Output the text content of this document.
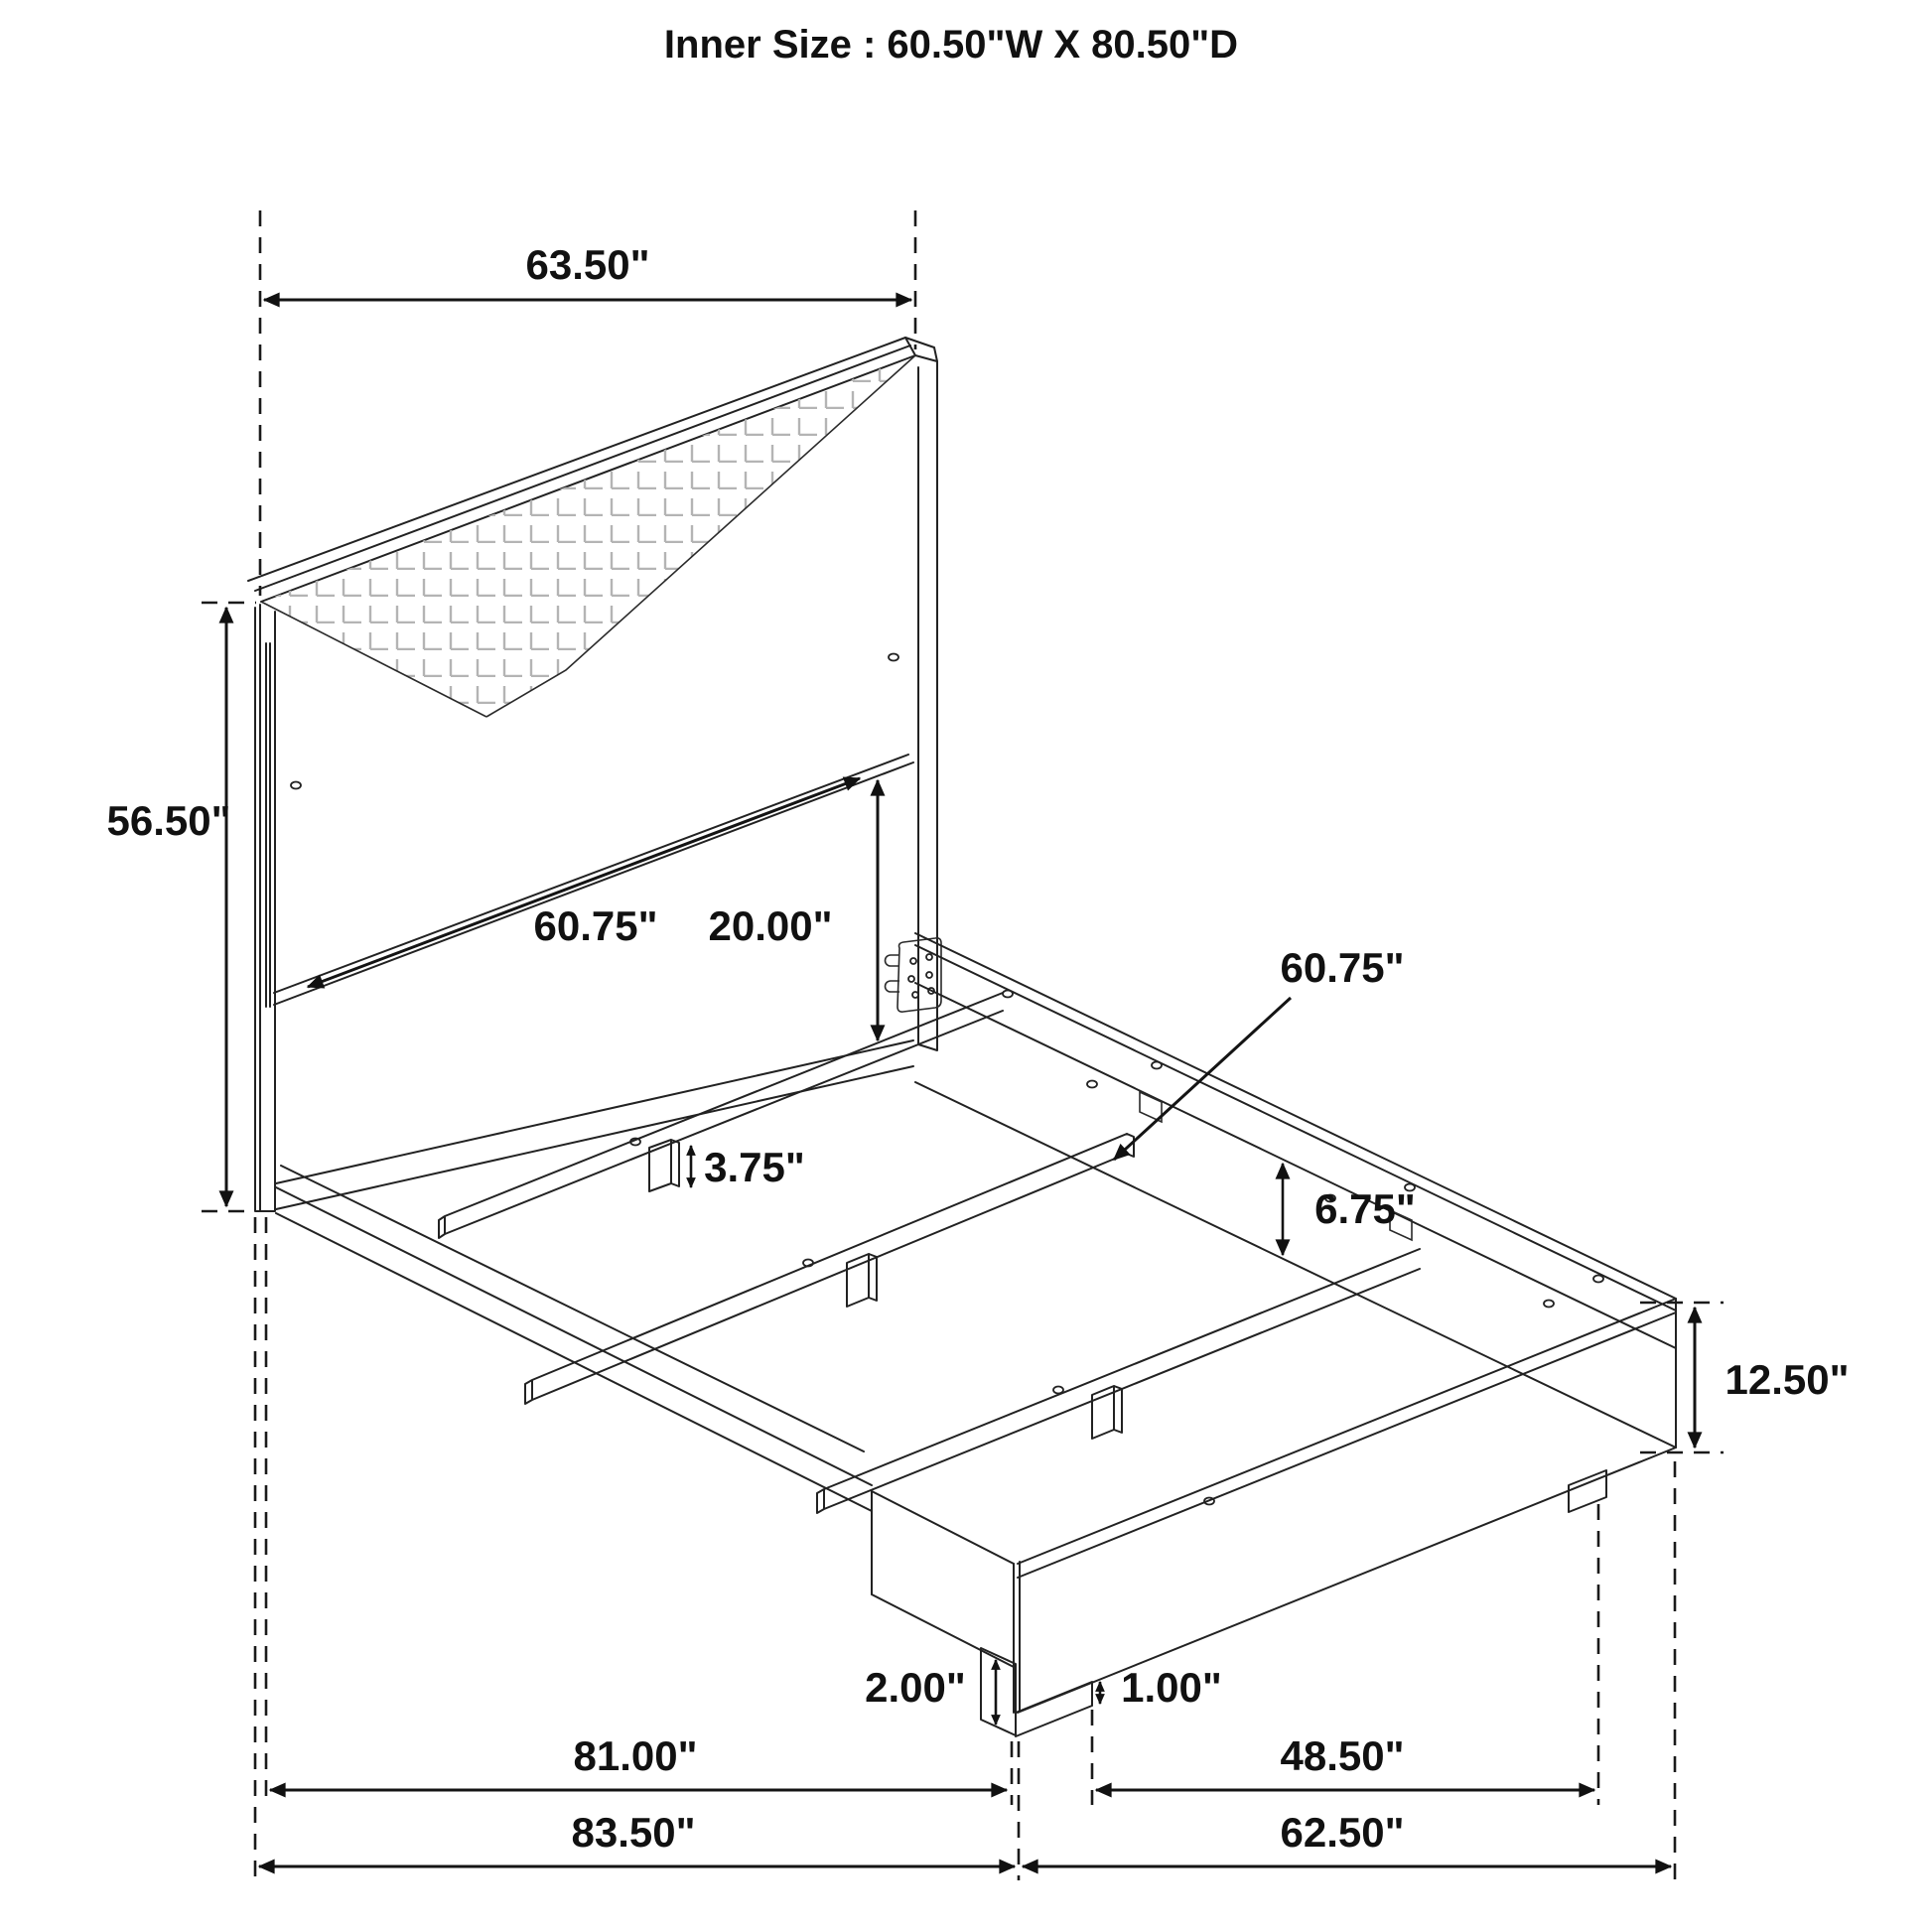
63.50"
56.50"
60.75" 20.00"
60.75"
6.75"
3.75"
12.50"
2.00"	1.00"
81.00"	48.50"
83.50"	62.50"
Inner Size : 60.50"W X 80.50"D
